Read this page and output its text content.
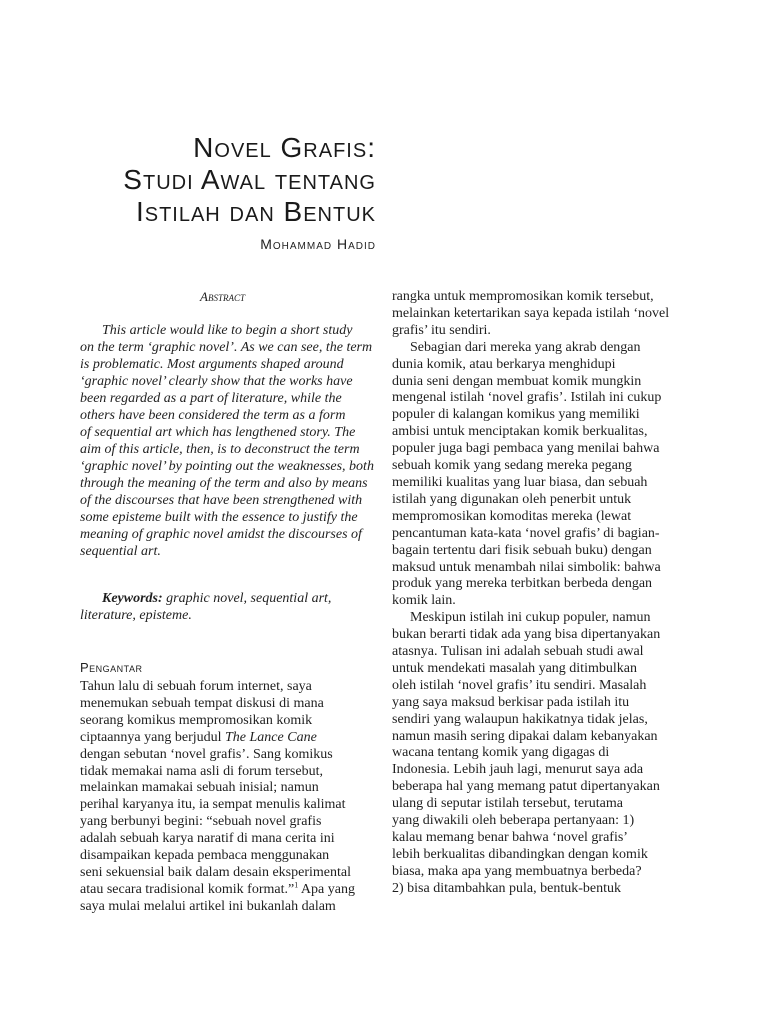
Novel Grafis:
Studi Awal tentang
Istilah dan Bentuk
Mohammad Hadid
Abstract
This article would like to begin a short study
on the term ‘graphic novel’. As we can see, the term
is problematic. Most arguments shaped around
‘graphic novel’ clearly show that the works have
been regarded as a part of literature, while the
others have been considered the term as a form
of sequential art which has lengthened story. The
aim of this article, then, is to deconstruct the term
‘graphic novel’ by pointing out the weaknesses, both
through the meaning of the term and also by means
of the discourses that have been strengthened with
some episteme built with the essence to justify the
meaning of graphic novel amidst the discourses of
sequential art.
Keywords: graphic novel, sequential art,
literature, episteme.
Pengantar
Tahun lalu di sebuah forum internet, saya
menemukan sebuah tempat diskusi di mana
seorang komikus mempromosikan komik
ciptaannya yang berjudul The Lance Cane
dengan sebutan ‘novel grafis’. Sang komikus
tidak memakai nama asli di forum tersebut,
melainkan mamakai sebuah inisial; namun
perihal karyanya itu, ia sempat menulis kalimat
yang berbunyi begini: “sebuah novel grafis
adalah sebuah karya naratif di mana cerita ini
disampaikan kepada pembaca menggunakan
seni sekuensial baik dalam desain eksperimental
atau secara tradisional komik format.”$^1$ Apa yang
saya mulai melalui artikel ini bukanlah dalam
rangka untuk mempromosikan komik tersebut,
melainkan ketertarikan saya kepada istilah ‘novel
grafis’ itu sendiri.
Sebagian dari mereka yang akrab dengan
dunia komik, atau berkarya menghidupi
dunia seni dengan membuat komik mungkin
mengenal istilah ‘novel grafis’. Istilah ini cukup
populer di kalangan komikus yang memiliki
ambisi untuk menciptakan komik berkualitas,
populer juga bagi pembaca yang menilai bahwa
sebuah komik yang sedang mereka pegang
memiliki kualitas yang luar biasa, dan sebuah
istilah yang digunakan oleh penerbit untuk
mempromosikan komoditas mereka (lewat
pencantuman kata-kata ‘novel grafis’ di bagian-
bagain tertentu dari fisik sebuah buku) dengan
maksud untuk menambah nilai simbolik: bahwa
produk yang mereka terbitkan berbeda dengan
komik lain.
Meskipun istilah ini cukup populer, namun
bukan berarti tidak ada yang bisa dipertanyakan
atasnya. Tulisan ini adalah sebuah studi awal
untuk mendekati masalah yang ditimbulkan
oleh istilah ‘novel grafis’ itu sendiri. Masalah
yang saya maksud berkisar pada istilah itu
sendiri yang walaupun hakikatnya tidak jelas,
namun masih sering dipakai dalam kebanyakan
wacana tentang komik yang digagas di
Indonesia. Lebih jauh lagi, menurut saya ada
beberapa hal yang memang patut dipertanyakan
ulang di seputar istilah tersebut, terutama
yang diwakili oleh beberapa pertanyaan: 1)
kalau memang benar bahwa ‘novel grafis’
lebih berkualitas dibandingkan dengan komik
biasa, maka apa yang membuatnya berbeda?
2) bisa ditambahkan pula, bentuk-bentuk
